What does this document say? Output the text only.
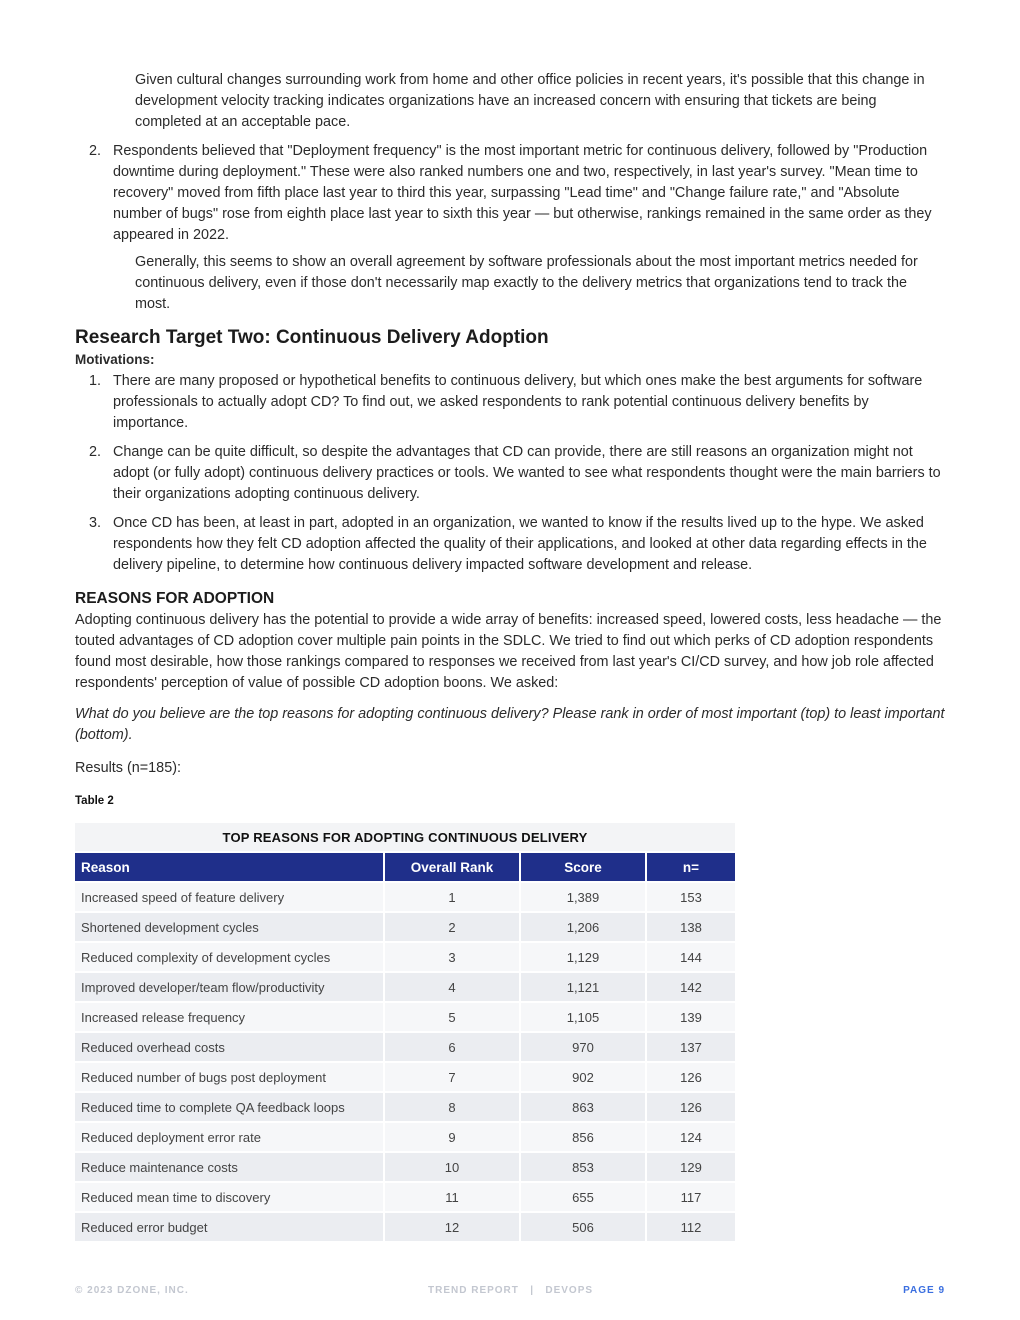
Given cultural changes surrounding work from home and other office policies in recent years, it's possible that this change in development velocity tracking indicates organizations have an increased concern with ensuring that tickets are being completed at an acceptable pace.

2. Respondents believed that "Deployment frequency" is the most important metric for continuous delivery, followed by "Production downtime during deployment." These were also ranked numbers one and two, respectively, in last year's survey. "Mean time to recovery" moved from fifth place last year to third this year, surpassing "Lead time" and "Change failure rate," and "Absolute number of bugs" rose from eighth place last year to sixth this year — but otherwise, rankings remained in the same order as they appeared in 2022.

Generally, this seems to show an overall agreement by software professionals about the most important metrics needed for continuous delivery, even if those don't necessarily map exactly to the delivery metrics that organizations tend to track the most.

Research Target Two: Continuous Delivery Adoption
Motivations:
1. There are many proposed or hypothetical benefits to continuous delivery, but which ones make the best arguments for software professionals to actually adopt CD? To find out, we asked respondents to rank potential continuous delivery benefits by importance.

2. Change can be quite difficult, so despite the advantages that CD can provide, there are still reasons an organization might not adopt (or fully adopt) continuous delivery practices or tools. We wanted to see what respondents thought were the main barriers to their organizations adopting continuous delivery.

3. Once CD has been, at least in part, adopted in an organization, we wanted to know if the results lived up to the hype. We asked respondents how they felt CD adoption affected the quality of their applications, and looked at other data regarding effects in the delivery pipeline, to determine how continuous delivery impacted software development and release.

REASONS FOR ADOPTION

Adopting continuous delivery has the potential to provide a wide array of benefits: increased speed, lowered costs, less headache — the touted advantages of CD adoption cover multiple pain points in the SDLC. We tried to find out which perks of CD adoption respondents found most desirable, how those rankings compared to responses we received from last year's CI/CD survey, and how job role affected respondents' perception of value of possible CD adoption boons. We asked:

What do you believe are the top reasons for adopting continuous delivery? Please rank in order of most important (top) to least important (bottom).

Results (n=185):

Table 2
TOP REASONS FOR ADOPTING CONTINUOUS DELIVERY			
Reason	Overall Rank	Score	n=
Increased speed of feature delivery	1	1,389	153
Shortened development cycles	2	1,206	138
Reduced complexity of development cycles	3	1,129	144
Improved developer/team flow/productivity	4	1,121	142
Increased release frequency	5	1,105	139
Reduced overhead costs	6	970	137
Reduced number of bugs post deployment	7	902	126
Reduced time to complete QA feedback loops	8	863	126
Reduced deployment error rate	9	856	124
Reduce maintenance costs	10	853	129
Reduced mean time to discovery	11	655	117
Reduced error budget	12	506	112
© 2023 DZONE, INC.	TREND REPORT   |   DEVOPS	PAGE 9
